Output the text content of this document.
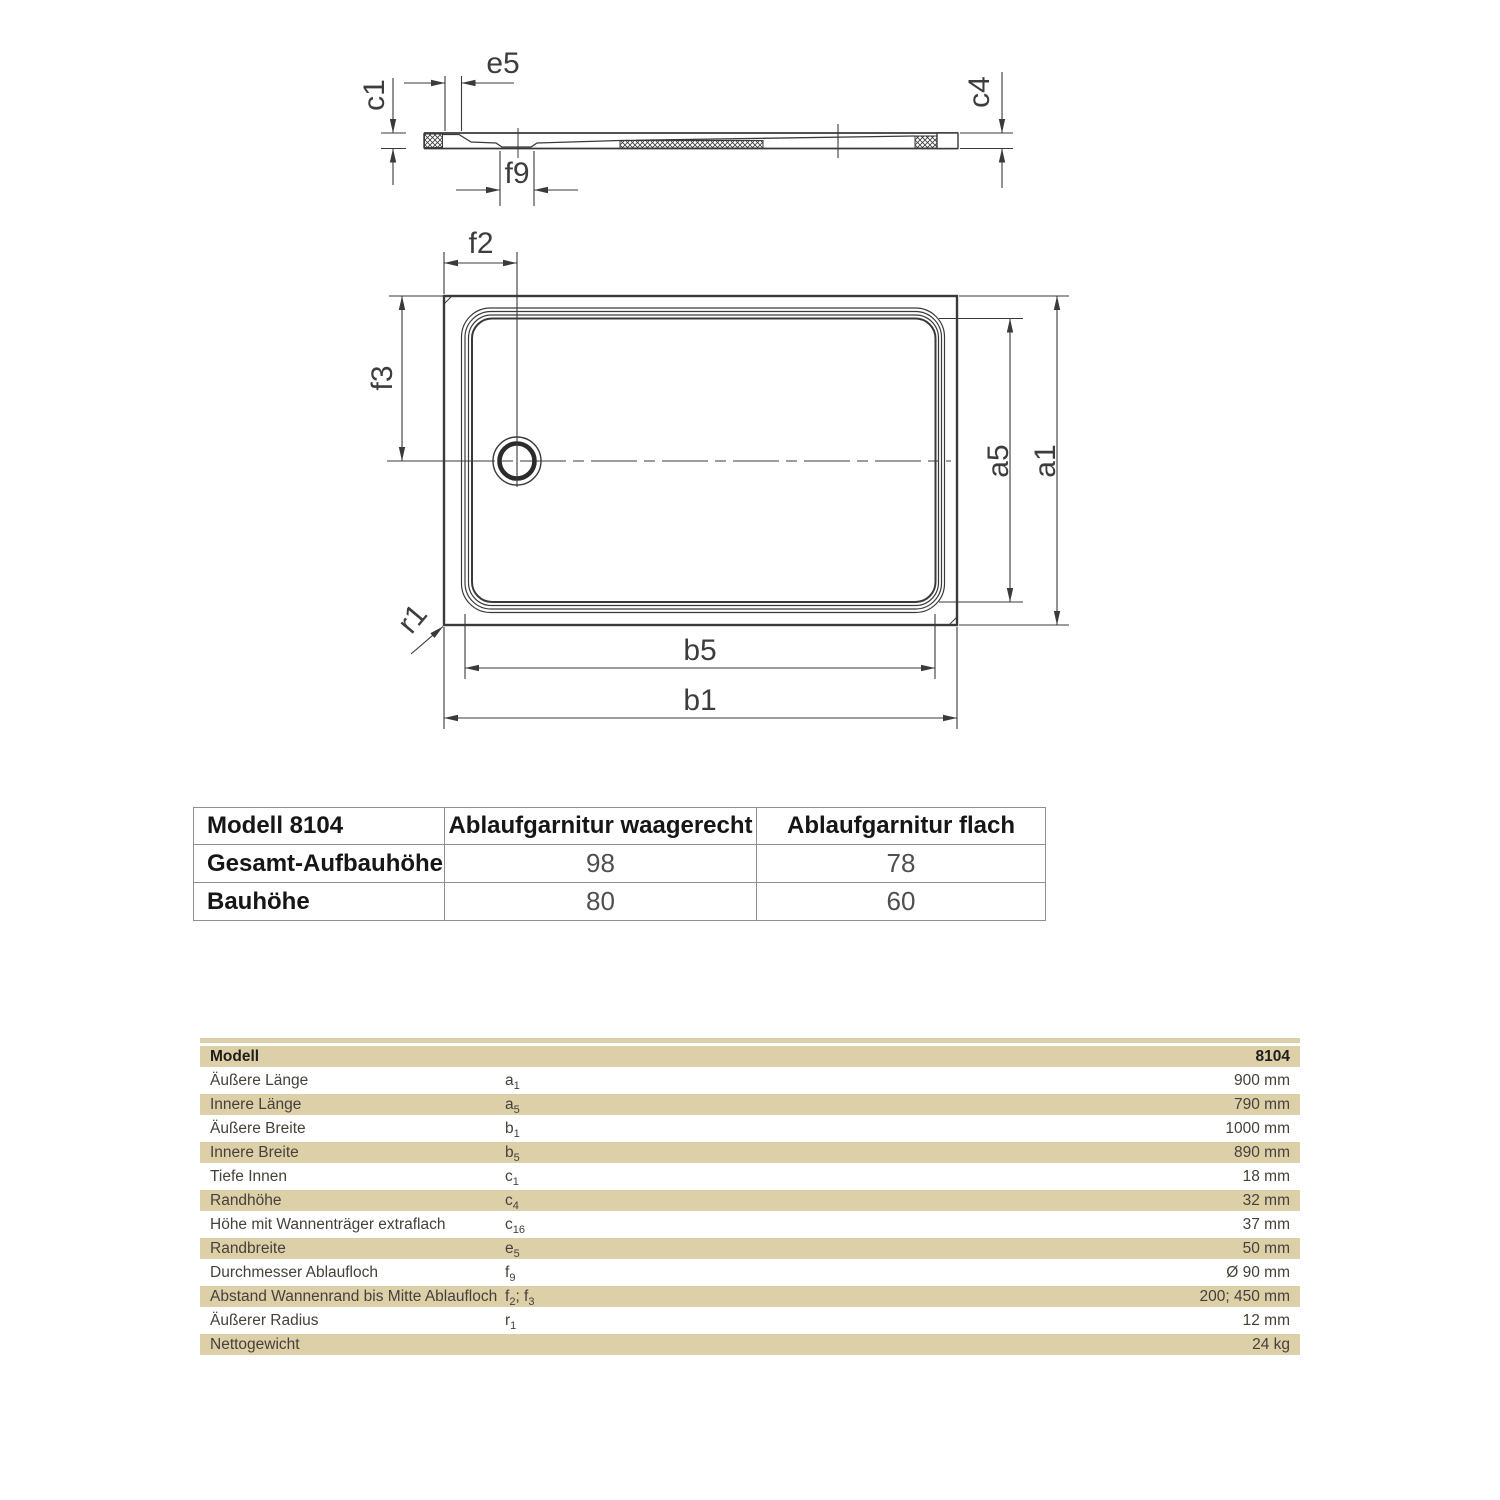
c1
e5
c4
f9
f2
f3
a5 a1
b5
b1
r1
Modell 8104	Ablaufgarnitur waagerecht	Ablaufgarnitur flach
Gesamt-Aufbauhöhe	98	78
Bauhöhe	80	60
Modell		8104
Äußere Länge	$a_1$	900 mm
Innere Länge	$a_5$	790 mm
Äußere Breite	$b_1$	1000 mm
Innere Breite	$b_5$	890 mm
Tiefe Innen	$c_1$	18 mm
Randhöhe	$c_4$	32 mm
Höhe mit Wannenträger extraflach	$c_{16}$	37 mm
Randbreite	$e_5$	50 mm
Durchmesser Ablaufloch	$f_9$	Ø 90 mm
Abstand Wannenrand bis Mitte Ablaufloch	$f_2$; $f_3$	200; 450 mm
Äußerer Radius	$r_1$	12 mm
Nettogewicht		24 kg
